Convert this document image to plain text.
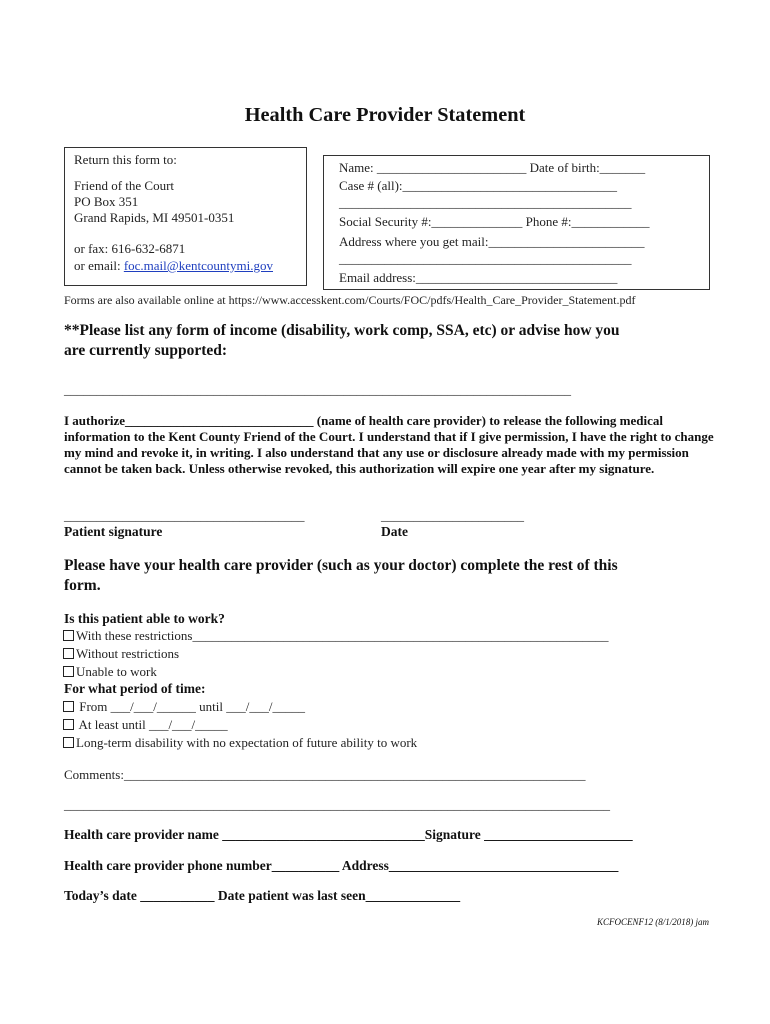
Health Care Provider Statement
Return this form to:
Friend of the Court
PO Box 351
Grand Rapids, MI 49501-0351
or fax: 616-632-6871
or email: foc.mail@kentcountymi.gov
Name: _______________________ Date of birth:_______
Case # (all):_________________________________
_____________________________________________
Social Security #:______________ Phone #:____________
Address where you get mail:________________________
_____________________________________________
Email address:_______________________________
Forms are also available online at https://www.accesskent.com/Courts/FOC/pdfs/Health_Care_Provider_Statement.pdf
**Please list any form of income (disability, work comp, SSA, etc) or advise how you
are currently supported:
______________________________________________________________________________
I authorize_____________________________ (name of health care provider) to release the following medical information to the Kent County Friend of the Court. I understand that if I give permission, I have the right to change my mind and revoke it, in writing. I also understand that any use or disclosure already made with my permission cannot be taken back. Unless otherwise revoked, this authorization will expire one year after my signature.
_____________________________________
Patient signature
______________________
Date
Please have your health care provider (such as your doctor) complete the rest of this
form.
Is this patient able to work?
With these restrictions________________________________________________________________
Without restrictions
Unable to work
For what period of time:
From ___/___/______ until ___/___/_____
At least until ___/___/_____
Long-term disability with no expectation of future ability to work
Comments:_______________________________________________________________________
____________________________________________________________________________________
Health care provider name ______________________________Signature ______________________
Health care provider phone number__________ Address__________________________________
Today’s date ___________ Date patient was last seen______________
KCFOCENF12 (8/1/2018) jam
